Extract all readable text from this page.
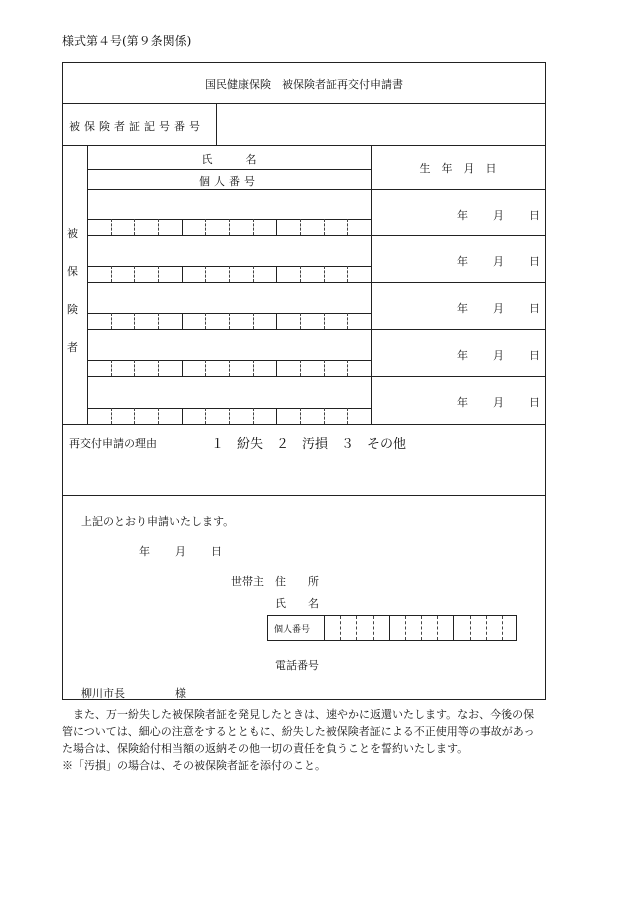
様式第４号(第９条関係)
国民健康保険　被保険者証再交付申請書
被保険者証記号番号
被
保
険
者
氏　　　名
個人番号
生　年　月　日
年 月 日
年 月 日
年 月 日
年 月 日
年 月 日
再交付申請の理由	１　紛失　２　汚損　３　その他
上記のとおり申請いたします。
年 月 日
世帯主 住　　所
氏　　名
個人番号
電話番号
柳川市長	様

また、万一紛失した被保険者証を発見したときは、速やかに返還いたします。なお、今後の保

管については、細心の注意をするとともに、紛失した被保険者証による不正使用等の事故があっ

た場合は、保険給付相当額の返納その他一切の責任を負うことを誓約いたします。

※「汚損」の場合は、その被保険者証を添付のこと。
